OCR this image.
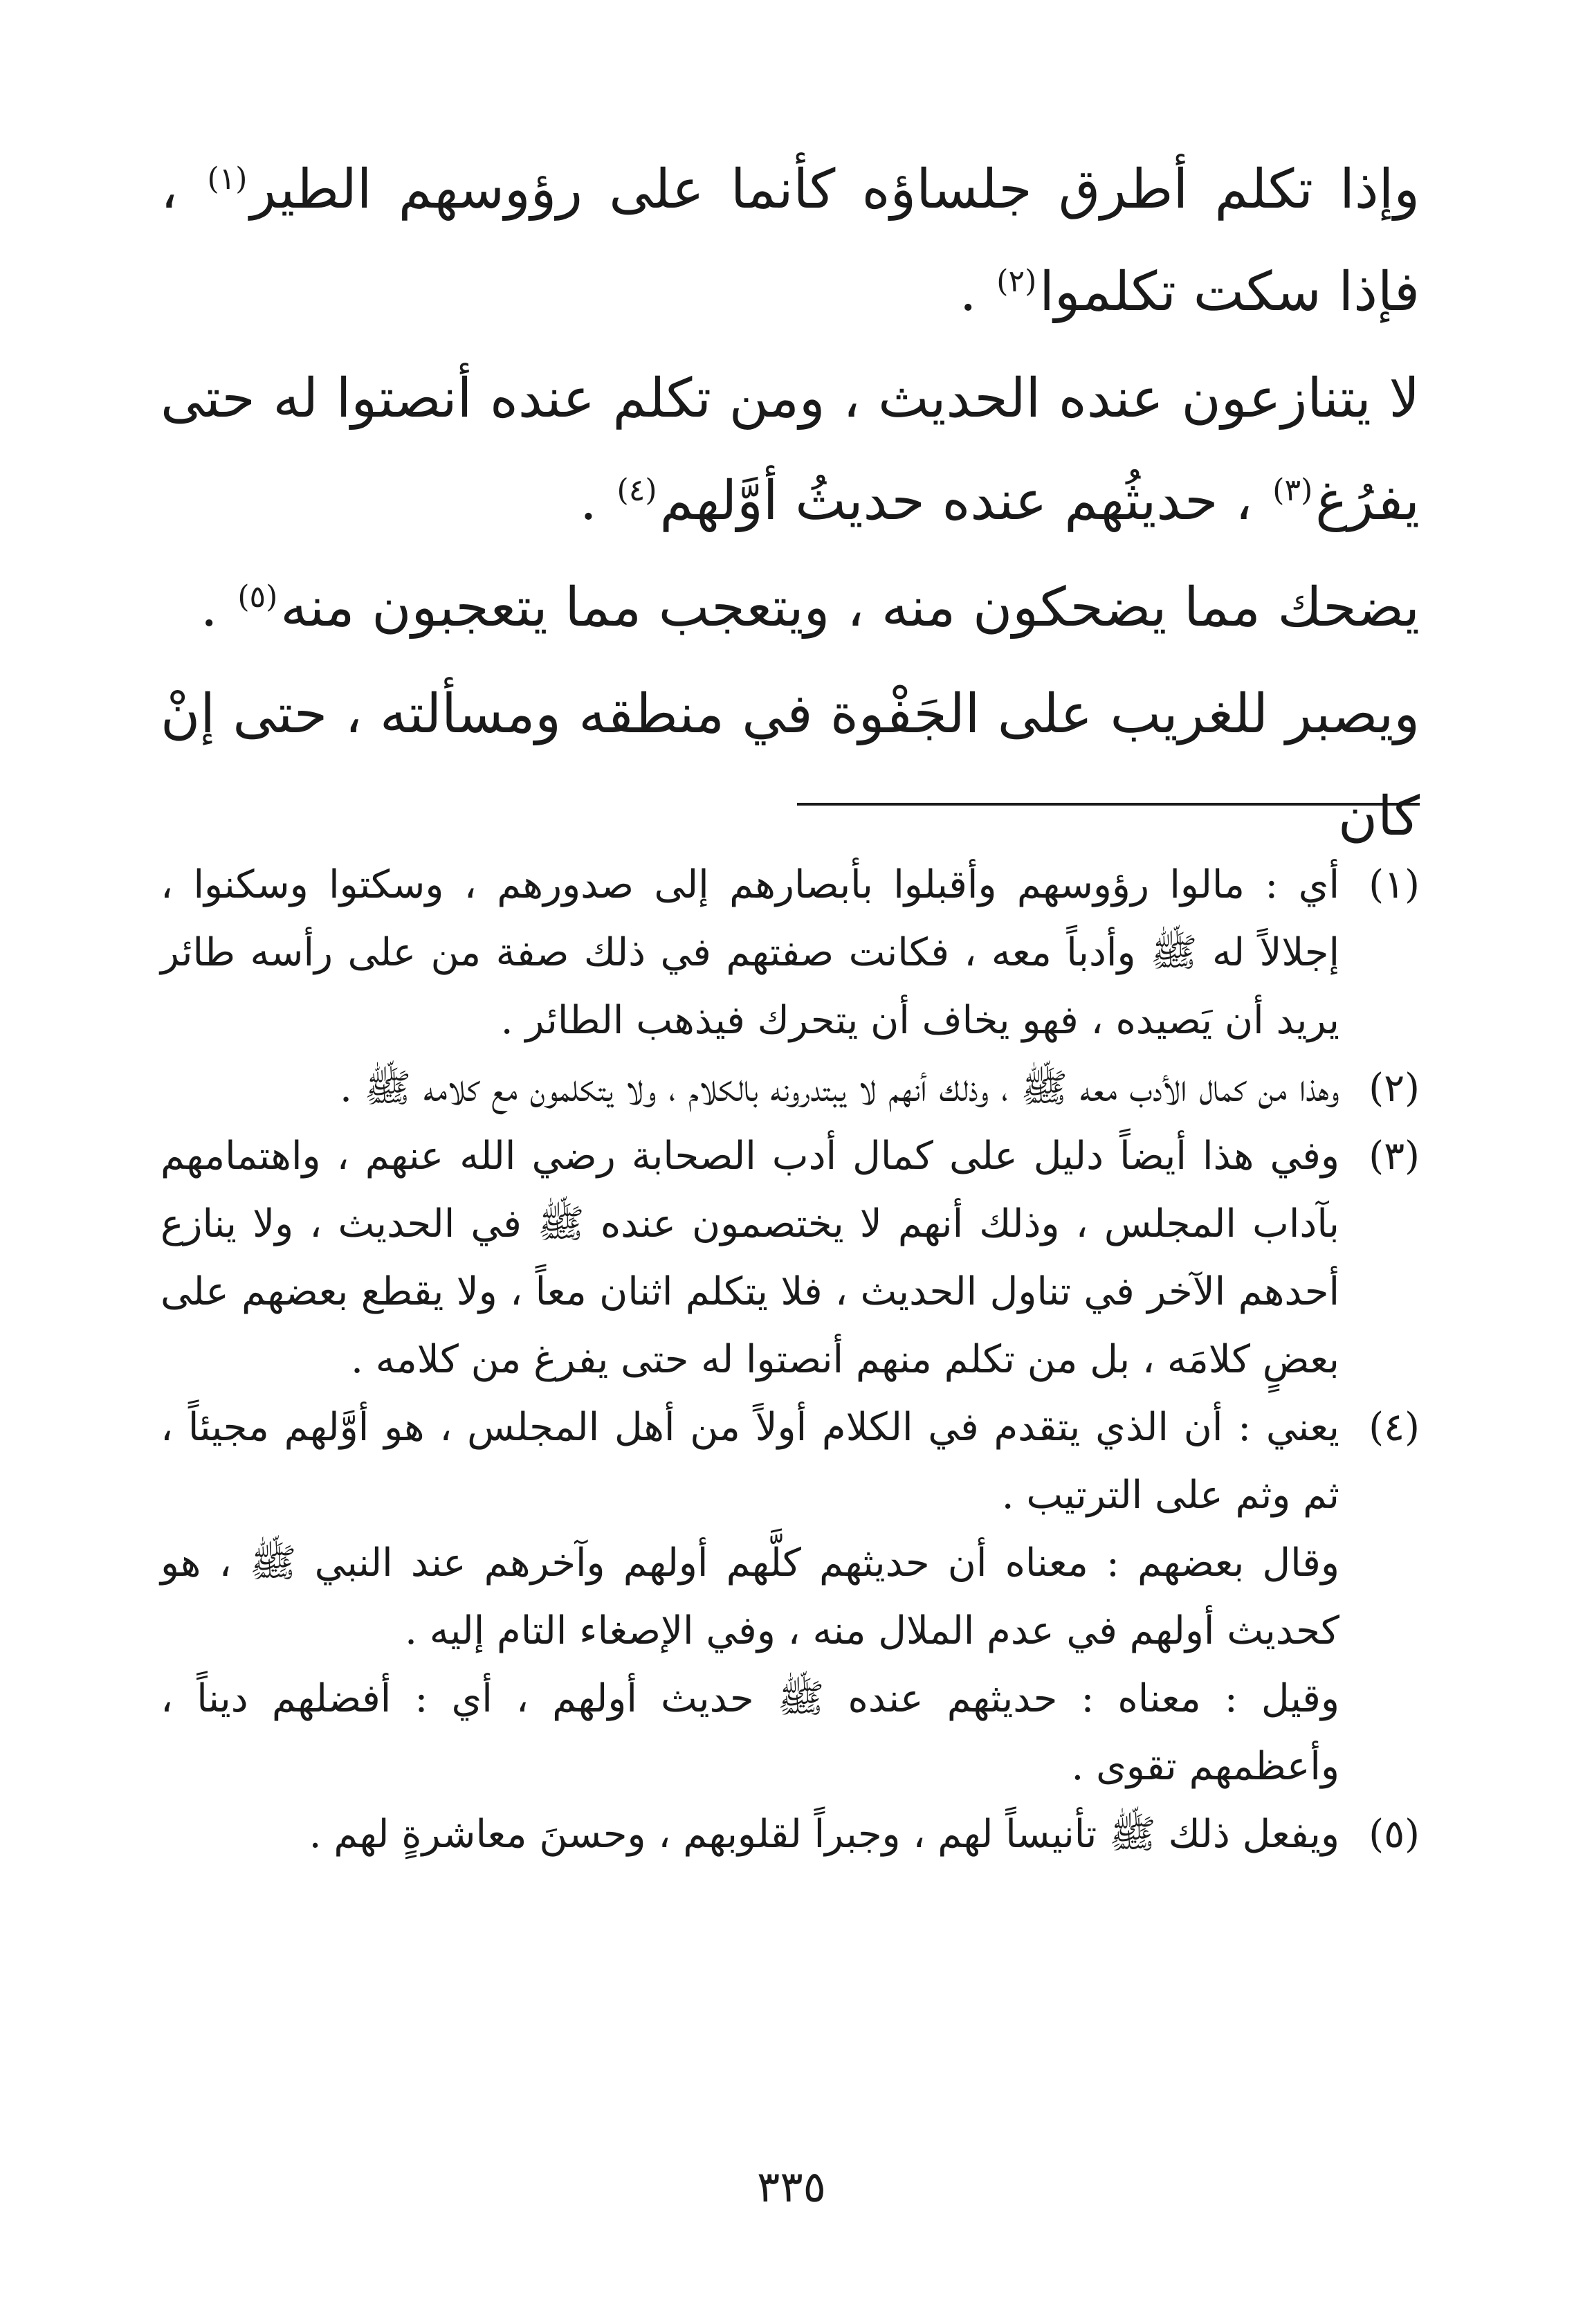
وإذا تكلم أطرق جلساؤه كأنما على رؤوسهم الطير$^{(١)}$ ، فإذا سكت تكلموا$^{(٢)}$ .

لا يتنازعون عنده الحديث ، ومن تكلم عنده أنصتوا له حتى يفرُغ$^{(٣)}$ ، حديثُهم عنده حديثُ أوَّلهم$^{(٤)}$ .

يضحك مما يضحكون منه ، ويتعجب مما يتعجبون منه$^{(٥)}$ .

ويصبر للغريب على الجَفْوة في منطقه ومسألته ، حتى إنْ كان

(١)
أي : مالوا رؤوسهم وأقبلوا بأبصارهم إلى صدورهم ، وسكتوا وسكنوا ، إجلالاً له ﷺ وأدباً معه ، فكانت صفتهم في ذلك صفة من على رأسه طائر يريد أن يَصيده ، فهو يخاف أن يتحرك فيذهب الطائر .
(٢)
وهذا من كمال الأدب معه ﷺ ، وذلك أنهم لا يبتدرونه بالكلام ، ولا يتكلمون مع كلامه ﷺ .
(٣)
وفي هذا أيضاً دليل على كمال أدب الصحابة رضي الله عنهم ، واهتمامهم بآداب المجلس ، وذلك أنهم لا يختصمون عنده ﷺ في الحديث ، ولا ينازع أحدهم الآخر في تناول الحديث ، فلا يتكلم اثنان معاً ، ولا يقطع بعضهم على بعضٍ كلامَه ، بل من تكلم منهم أنصتوا له حتى يفرغ من كلامه .
(٤)
يعني : أن الذي يتقدم في الكلام أولاً من أهل المجلس ، هو أوَّلهم مجيئاً ، ثم وثم على الترتيب .
وقال بعضهم : معناه أن حديثهم كلَّهم أولهم وآخرهم عند النبي ﷺ ، هو كحديث أولهم في عدم الملال منه ، وفي الإصغاء التام إليه .
وقيل : معناه : حديثهم عنده ﷺ حديث أولهم ، أي : أفضلهم ديناً ، وأعظمهم تقوى .
(٥)
ويفعل ذلك ﷺ تأنيساً لهم ، وجبراً لقلوبهم ، وحسنَ معاشرةٍ لهم .
٣٣٥
